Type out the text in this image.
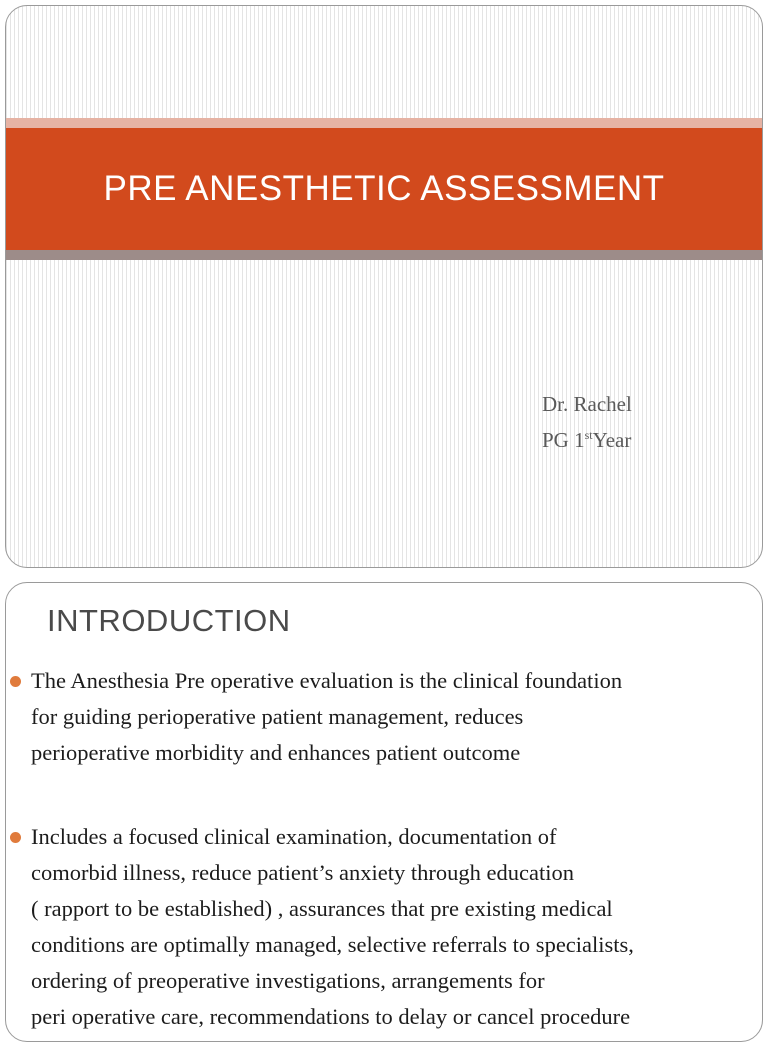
PRE ANESTHETIC ASSESSMENT
Dr. Rachel
PG 1stYear
INTRODUCTION
The Anesthesia Pre operative evaluation is the clinical foundation
for guiding perioperative patient management, reduces
perioperative morbidity and enhances patient outcome
Includes a focused clinical examination, documentation of
comorbid illness, reduce patient’s anxiety through education
( rapport to be established) , assurances that pre existing medical
conditions are optimally managed, selective referrals to specialists,
ordering of preoperative investigations, arrangements for
peri operative care, recommendations to delay or cancel procedure
